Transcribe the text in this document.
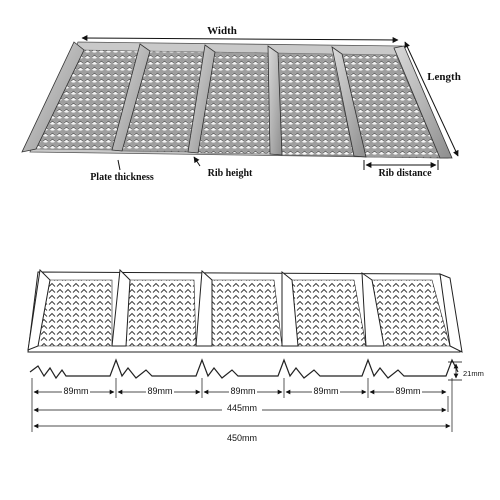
Width
Length
Plate thickness	Rib height	Rib distance
21mm
89mm	89mm	89mm	89mm	89mm
445mm
450mm
